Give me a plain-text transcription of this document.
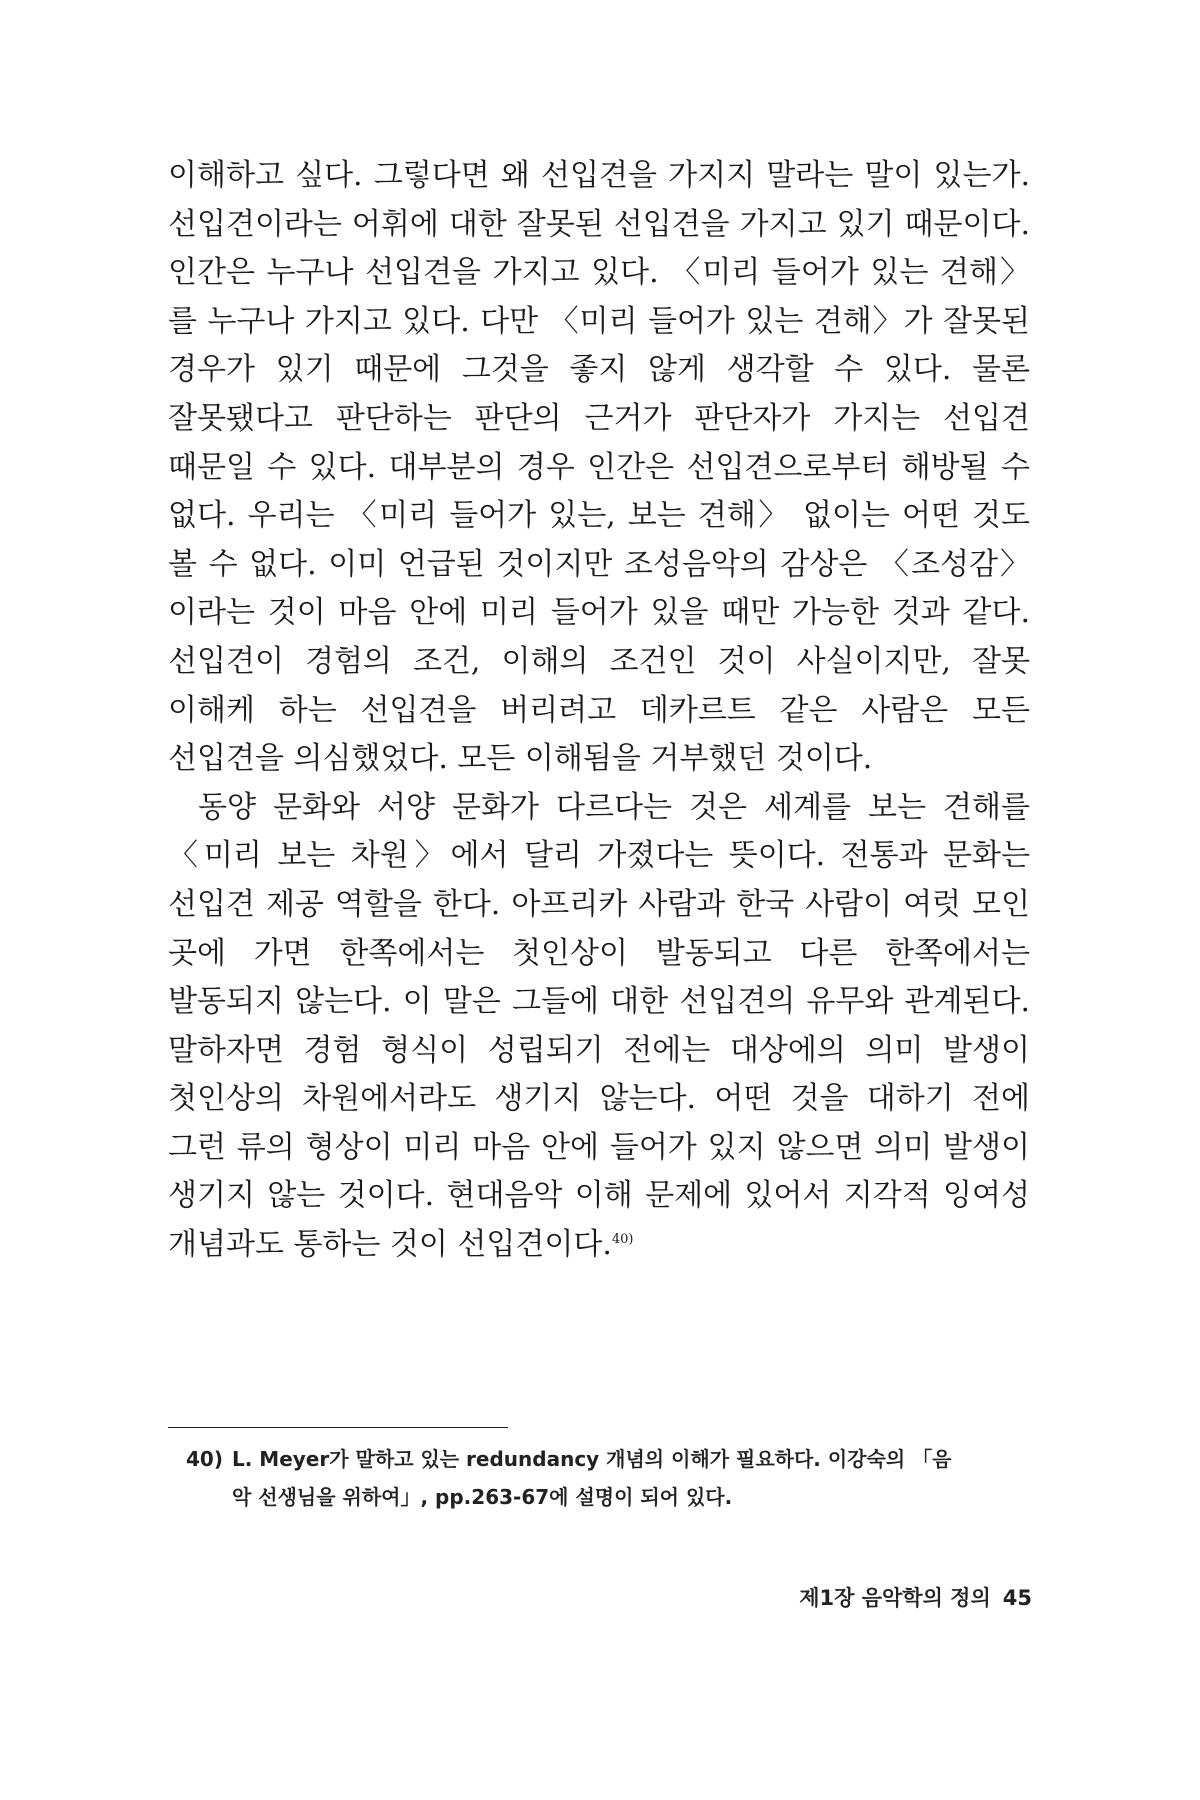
이해하고 싶다. 그렇다면 왜 선입견을 가지지 말라는 말이 있는가. 선입견이라는 어휘에 대한 잘못된 선입견을 가지고 있기 때문이다. 인간은 누구나 선입견을 가지고 있다. 〈미리 들어가 있는 견해〉를 누구나 가지고 있다. 다만 〈미리 들어가 있는 견해〉가 잘못된 경우가 있기 때문에 그것을 좋지 않게 생각할 수 있다. 물론 잘못됐다고 판단하는 판단의 근거가 판단자가 가지는 선입견 때문일 수 있다. 대부분의 경우 인간은 선입견으로부터 해방될 수 없다. 우리는 〈미리 들어가 있는, 보는 견해〉 없이는 어떤 것도 볼 수 없다. 이미 언급된 것이지만 조성음악의 감상은 〈조성감〉이라는 것이 마음 안에 미리 들어가 있을 때만 가능한 것과 같다. 선입견이 경험의 조건, 이해의 조건인 것이 사실이지만, 잘못 이해케 하는 선입견을 버리려고 데카르트 같은 사람은 모든 선입견을 의심했었다. 모든 이해됨을 거부했던 것이다.

동양 문화와 서양 문화가 다르다는 것은 세계를 보는 견해를 〈미리 보는 차원〉에서 달리 가졌다는 뜻이다. 전통과 문화는 선입견 제공 역할을 한다. 아프리카 사람과 한국 사람이 여럿 모인 곳에 가면 한쪽에서는 첫인상이 발동되고 다른 한쪽에서는 발동되지 않는다. 이 말은 그들에 대한 선입견의 유무와 관계된다. 말하자면 경험 형식이 성립되기 전에는 대상에의 의미 발생이 첫인상의 차원에서라도 생기지 않는다. 어떤 것을 대하기 전에 그런 류의 형상이 미리 마음 안에 들어가 있지 않으면 의미 발생이 생기지 않는 것이다. 현대음악 이해 문제에 있어서 지각적 잉여성 개념과도 통하는 것이 선입견이다.$^{40)}$

40) L. Meyer가 말하고 있는 redundancy 개념의 이해가 필요하다. 이강숙의 「음
악 선생님을 위하여」, pp.263-67에 설명이 되어 있다.
제1장 음악학의 정의 45
